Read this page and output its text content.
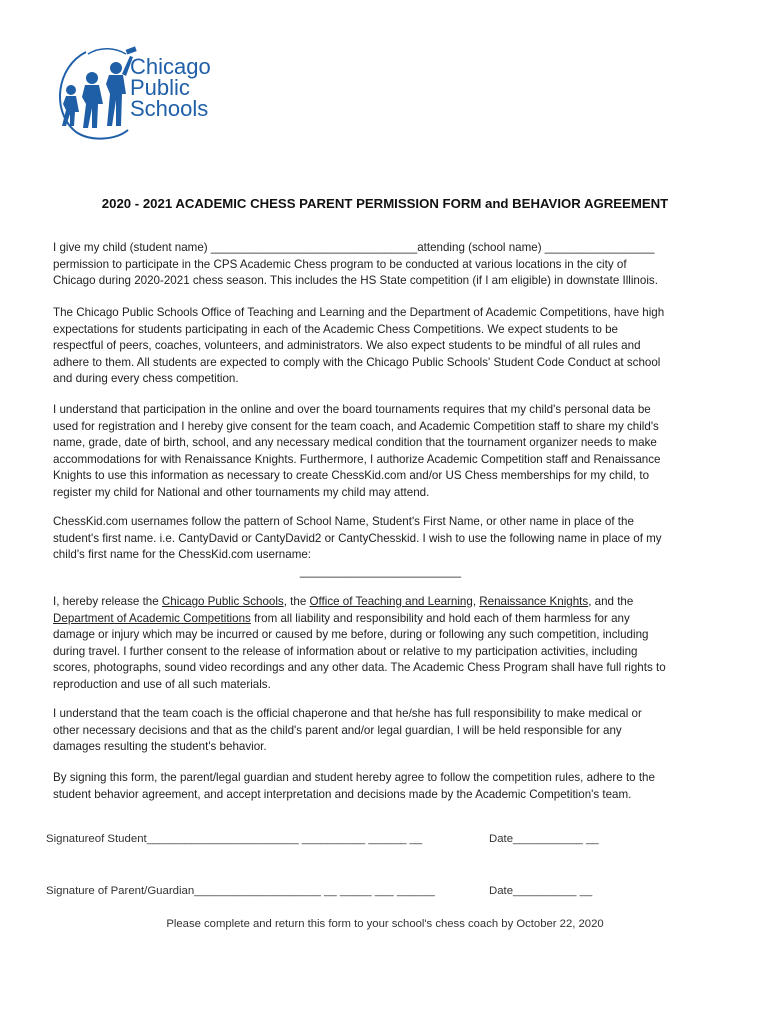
Chicago
Public
Schools
2020 - 2021 ACADEMIC CHESS PARENT PERMISSION FORM and BEHAVIOR AGREEMENT
I give my child (student name) ________________________________attending (school name) _________________
permission to participate in the CPS Academic Chess program to be conducted at various locations in the city of
Chicago during 2020-2021 chess season. This includes the HS State competition (if I am eligible) in downstate Illinois.
The Chicago Public Schools Office of Teaching and Learning and the Department of Academic Competitions, have high
expectations for students participating in each of the Academic Chess Competitions. We expect students to be
respectful of peers, coaches, volunteers, and administrators. We also expect students to be mindful of all rules and
adhere to them. All students are expected to comply with the Chicago Public Schools' Student Code Conduct at school
and during every chess competition.
I understand that participation in the online and over the board tournaments requires that my child's personal data be
used for registration and I hereby give consent for the team coach, and Academic Competition staff to share my child's
name, grade, date of birth, school, and any necessary medical condition that the tournament organizer needs to make
accommodations for with Renaissance Knights. Furthermore, I authorize Academic Competition staff and Renaissance
Knights to use this information as necessary to create ChessKid.com and/or US Chess memberships for my child, to
register my child for National and other tournaments my child may attend.
ChessKid.com usernames follow the pattern of School Name, Student's First Name, or other name in place of the
student's first name. i.e. CantyDavid or CantyDavid2 or CantyChesskid. I wish to use the following name in place of my
child's first name for the ChessKid.com username:
_________________________
I, hereby release the Chicago Public Schools, the Office of Teaching and Learning, Renaissance Knights, and the
Department of Academic Competitions from all liability and responsibility and hold each of them harmless for any
damage or injury which may be incurred or caused by me before, during or following any such competition, including
during travel. I further consent to the release of information about or relative to my participation activities, including
scores, photographs, sound video recordings and any other data. The Academic Chess Program shall have full rights to
reproduction and use of all such materials.
I understand that the team coach is the official chaperone and that he/she has full responsibility to make medical or
other necessary decisions and that as the child's parent and/or legal guardian, I will be held responsible for any
damages resulting the student's behavior.
By signing this form, the parent/legal guardian and student hereby agree to follow the competition rules, adhere to the
student behavior agreement, and accept interpretation and decisions made by the Academic Competition's team.
Signatureof Student________________________ __________ ______ __	Date___________ __
Signature of Parent/Guardian____________________ __ _____ ___ ______	Date__________ __
Please complete and return this form to your school's chess coach by October 22, 2020
